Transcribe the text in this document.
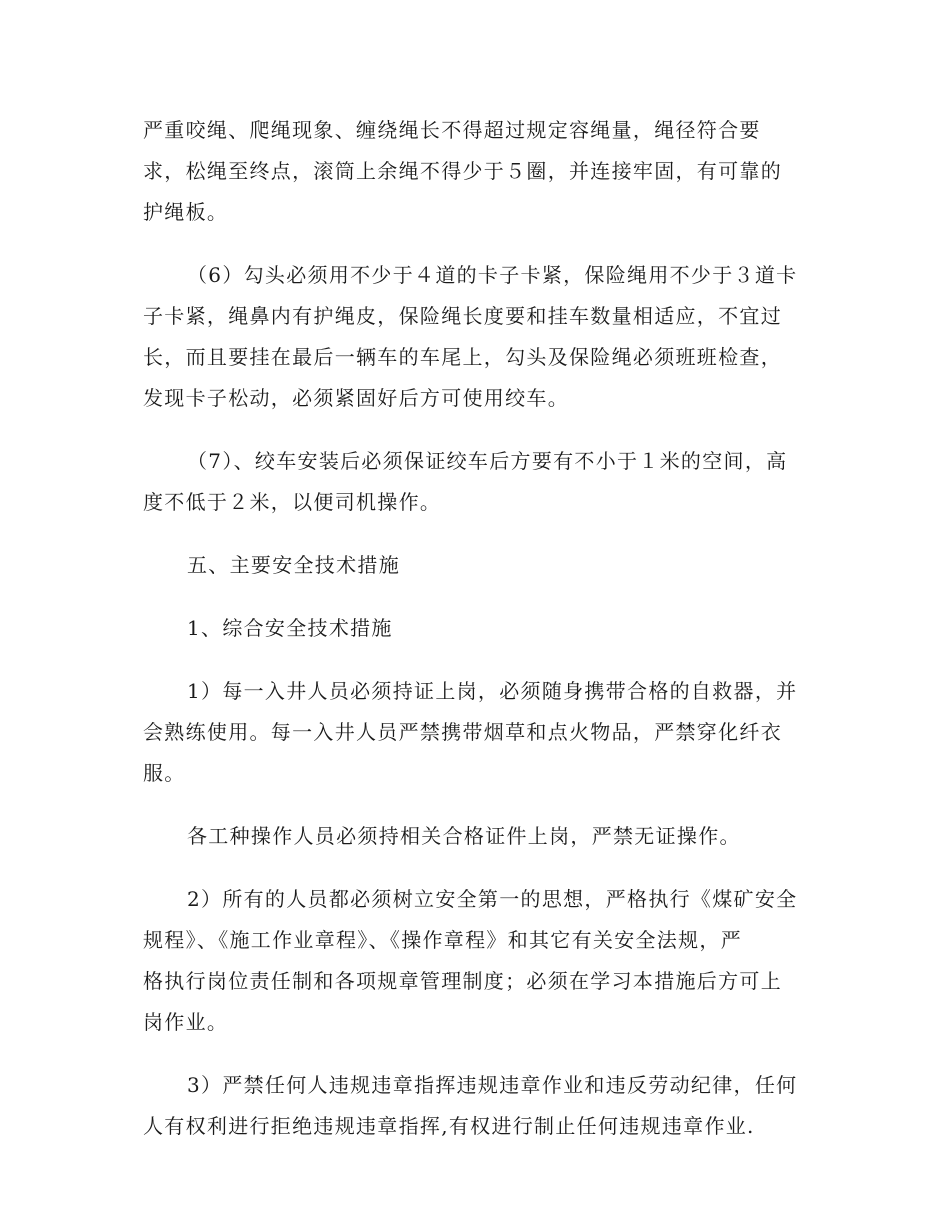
严重咬绳、爬绳现象、缠绕绳长不得超过规定容绳量，绳径符合要
求，松绳至终点，滚筒上余绳不得少于５圈，并连接牢固，有可靠的
护绳板。
（6）勾头必须用不少于４道的卡子卡紧，保险绳用不少于３道卡
子卡紧，绳鼻内有护绳皮，保险绳长度要和挂车数量相适应，不宜过
长，而且要挂在最后一辆车的车尾上，勾头及保险绳必须班班检查，
发现卡子松动，必须紧固好后方可使用绞车。
（7）、绞车安装后必须保证绞车后方要有不小于１米的空间，高
度不低于２米，以便司机操作。
五、主要安全技术措施
1、综合安全技术措施
1）每一入井人员必须持证上岗，必须随身携带合格的自救器，并
会熟练使用。每一入井人员严禁携带烟草和点火物品，严禁穿化纤衣
服。
各工种操作人员必须持相关合格证件上岗，严禁无证操作。
2）所有的人员都必须树立安全第一的思想，严格执行《煤矿安全
规程》、《施工作业章程》、《操作章程》和其它有关安全法规，严
格执行岗位责任制和各项规章管理制度；必须在学习本措施后方可上
岗作业。
3）严禁任何人违规违章指挥违规违章作业和违反劳动纪律，任何
人有权利进行拒绝违规违章指挥,有权进行制止任何违规违章作业.
